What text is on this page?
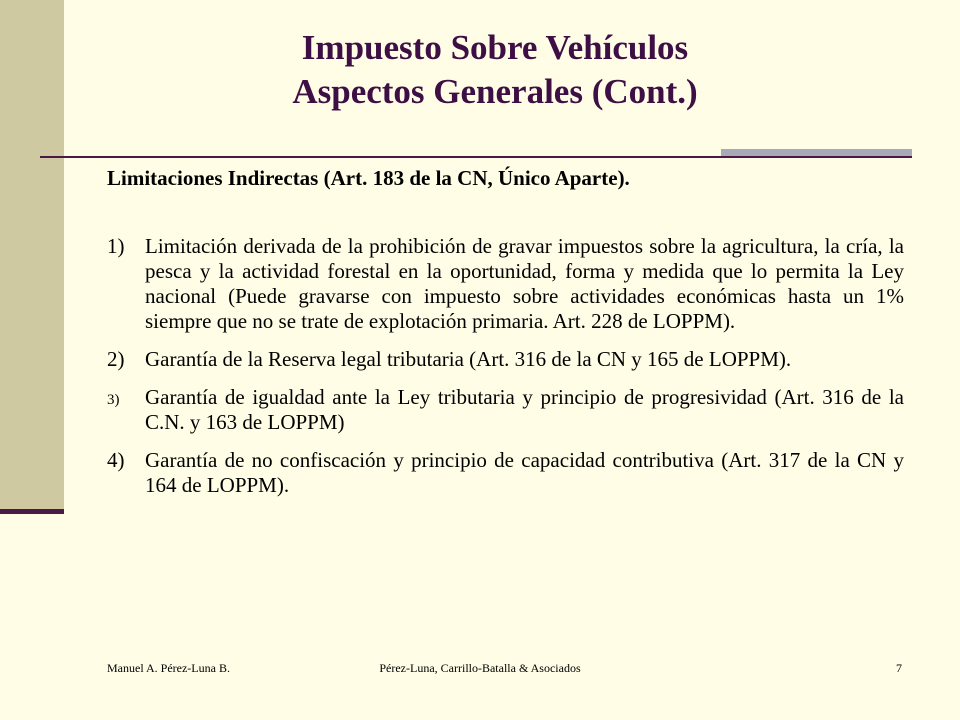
Impuesto Sobre Vehículos
Aspectos Generales (Cont.)
Limitaciones Indirectas (Art. 183 de la CN, Único Aparte).
1) Limitación derivada de la prohibición de gravar impuestos sobre la agricultura, la cría, la pesca y la actividad forestal en la oportunidad, forma y medida que lo permita la Ley nacional (Puede gravarse con impuesto sobre actividades económicas hasta un 1% siempre que no se trate de explotación primaria. Art. 228 de LOPPM).
2) Garantía de la Reserva legal tributaria (Art. 316 de la CN y 165 de LOPPM).
3)	Garantía de igualdad ante la Ley tributaria y principio de progresividad (Art. 316 de la C.N. y 163 de LOPPM)
4) Garantía de no confiscación y principio de capacidad contributiva (Art. 317 de la CN y 164 de LOPPM).
Manuel A. Pérez-Luna B.	Pérez-Luna, Carrillo-Batalla & Asociados	7
